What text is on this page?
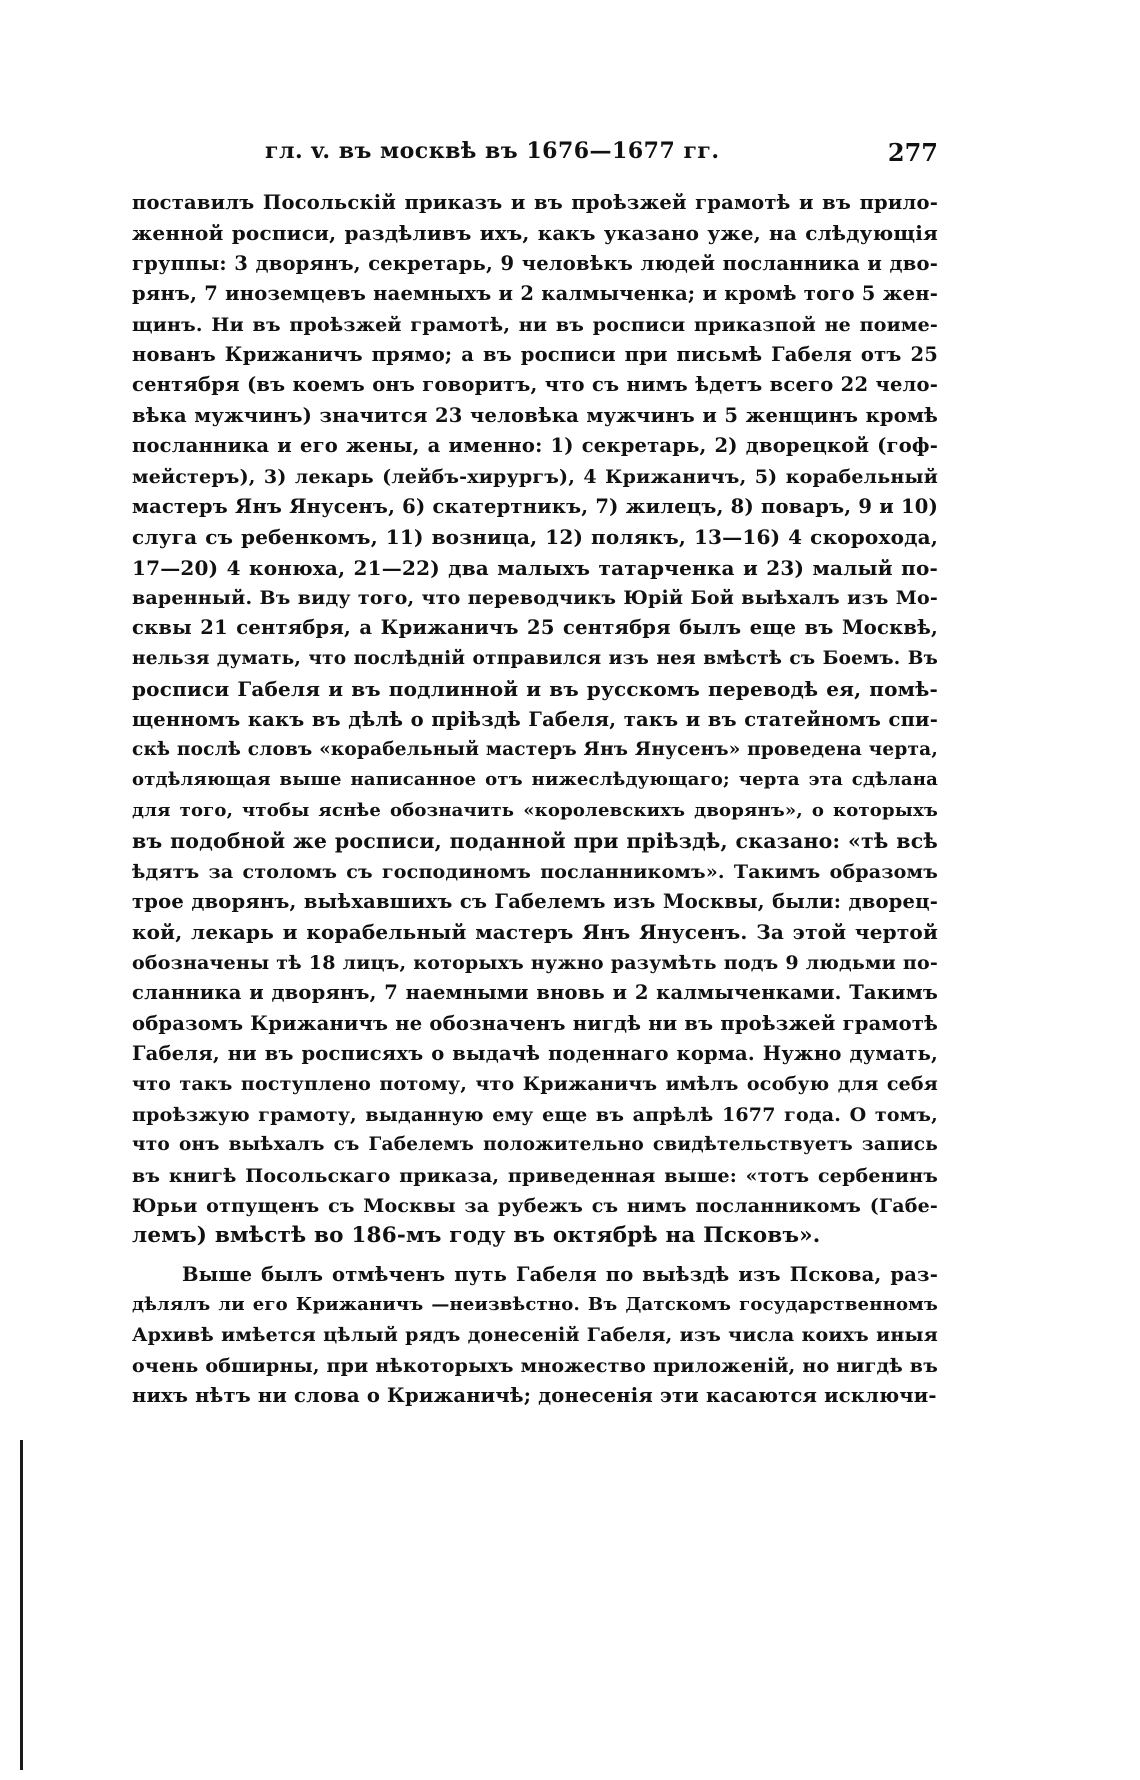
гл. v. въ москвѣ въ 1676—1677 гг.	277
поставилъ Посольскій приказъ и въ проѣзжей грамотѣ и въ прило-
женной росписи, раздѣливъ ихъ, какъ указано уже, на слѣдующія
группы: 3 дворянъ, секретарь, 9 человѣкъ людей посланника и дво-
рянъ, 7 иноземцевъ наемныхъ и 2 калмыченка; и кромѣ того 5 жен-
щинъ. Ни въ проѣзжей грамотѣ, ни въ росписи приказпой не поиме-
нованъ Крижаничъ прямо; а въ росписи при письмѣ Габеля отъ 25
сентября (въ коемъ онъ говоритъ, что съ нимъ ѣдетъ всего 22 чело-
вѣка мужчинъ) значится 23 человѣка мужчинъ и 5 женщинъ кромѣ
посланника и его жены, а именно: 1) секретарь, 2) дворецкой (гоф-
мейстеръ), 3) лекарь (лейбъ-хирургъ), 4 Крижаничъ, 5) корабельный
мастеръ Янъ Янусенъ, 6) скатертникъ, 7) жилецъ, 8) поваръ, 9 и 10)
слуга съ ребенкомъ, 11) возница, 12) полякъ, 13—16) 4 скорохода,
17—20) 4 конюха, 21—22) два малыхъ татарченка и 23) малый по-
варенный. Въ виду того, что переводчикъ Юрій Бой выѣхалъ изъ Мо-
сквы 21 сентября, а Крижаничъ 25 сентября былъ еще въ Москвѣ,
нельзя думать, что послѣдній отправился изъ нея вмѣстѣ съ Боемъ. Въ
росписи Габеля и въ подлинной и въ русскомъ переводѣ ея, помѣ-
щенномъ какъ въ дѣлѣ о пріѣздѣ Габеля, такъ и въ статейномъ спи-
скѣ послѣ словъ «корабельный мастеръ Янъ Янусенъ» проведена черта,
отдѣляющая выше написанное отъ нижеслѣдующаго; черта эта сдѣлана
для того, чтобы яснѣе обозначить «королевскихъ дворянъ», о которыхъ
въ подобной же росписи, поданной при пріѣздѣ, сказано: «тѣ всѣ
ѣдятъ за столомъ съ господиномъ посланникомъ». Такимъ образомъ
трое дворянъ, выѣхавшихъ съ Габелемъ изъ Москвы, были: дворец-
кой, лекарь и корабельный мастеръ Янъ Янусенъ. За этой чертой
обозначены тѣ 18 лицъ, которыхъ нужно разумѣть подъ 9 людьми по-
сланника и дворянъ, 7 наемными вновь и 2 калмыченками. Такимъ
образомъ Крижаничъ не обозначенъ нигдѣ ни въ проѣзжей грамотѣ
Габеля, ни въ росписяхъ о выдачѣ поденнаго корма. Нужно думать,
что такъ поступлено потому, что Крижаничъ имѣлъ особую для себя
проѣзжую грамоту, выданную ему еще въ апрѣлѣ 1677 года. О томъ,
что онъ выѣхалъ съ Габелемъ положительно свидѣтельствуетъ запись
въ книгѣ Посольскаго приказа, приведенная выше: «тотъ сербенинъ
Юрьи отпущенъ съ Москвы за рубежъ съ нимъ посланникомъ (Габе-
лемъ) вмѣстѣ во 186-мъ году въ октябрѣ на Псковъ».
Выше былъ отмѣченъ путь Габеля по выѣздѣ изъ Пскова, раз-
дѣлялъ ли его Крижаничъ —неизвѣстно. Въ Датскомъ государственномъ
Архивѣ имѣется цѣлый рядъ донесеній Габеля, изъ числа коихъ иныя
очень обширны, при нѣкоторыхъ множество приложеній, но нигдѣ въ
нихъ нѣтъ ни слова о Крижаничѣ; донесенія эти касаются исключи-
